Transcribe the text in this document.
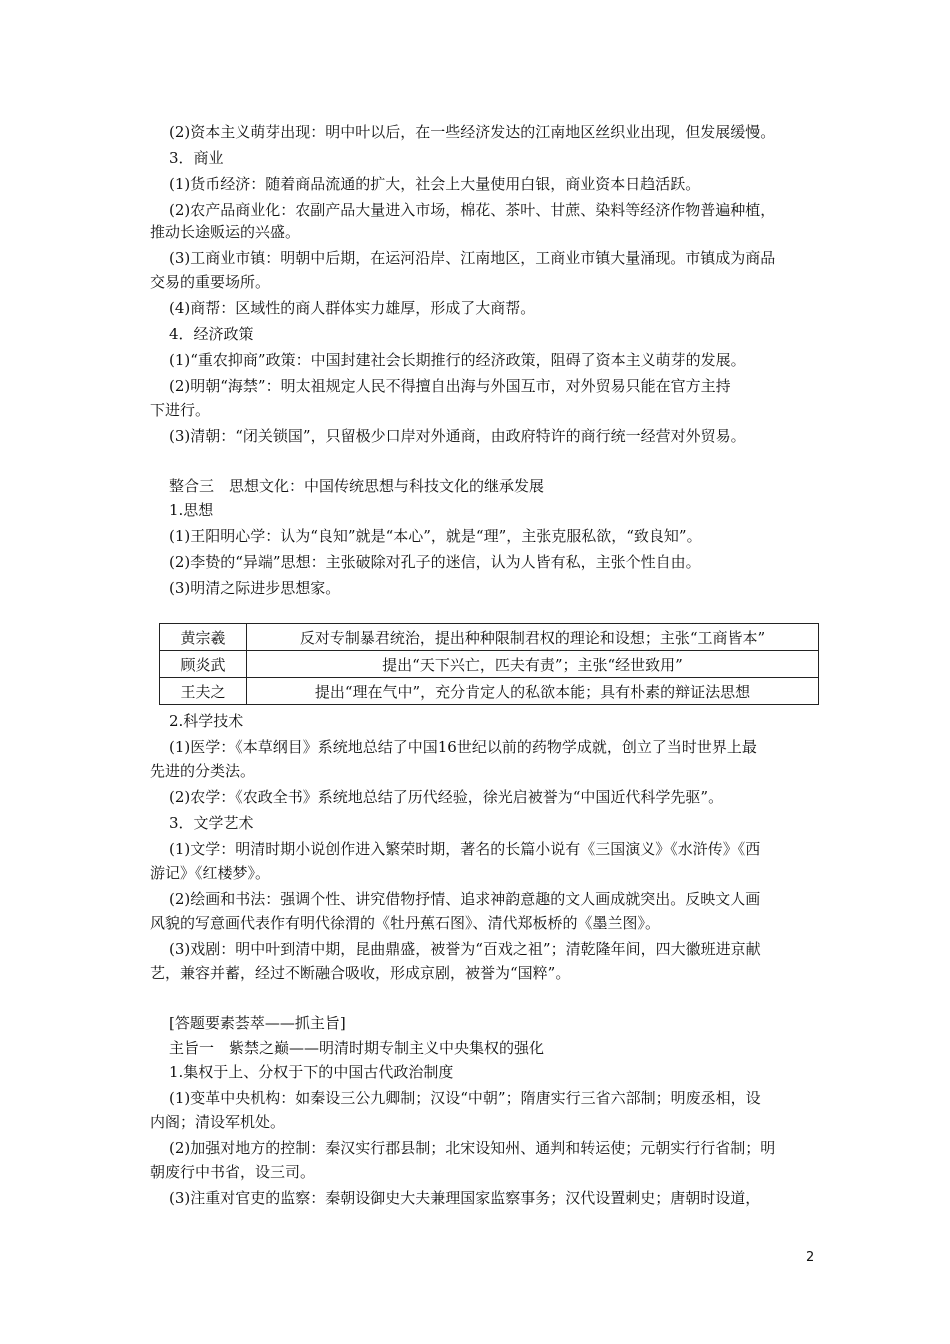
(2)资本主义萌芽出现：明中叶以后，在一些经济发达的江南地区丝织业出现，但发展缓慢。
3．商业
(1)货币经济：随着商品流通的扩大，社会上大量使用白银，商业资本日趋活跃。
(2)农产品商业化：农副产品大量进入市场，棉花、茶叶、甘蔗、染料等经济作物普遍种植，
推动长途贩运的兴盛。
(3)工商业市镇：明朝中后期，在运河沿岸、江南地区，工商业市镇大量涌现。市镇成为商品
交易的重要场所。
(4)商帮：区域性的商人群体实力雄厚，形成了大商帮。
4．经济政策
(1)“重农抑商”政策：中国封建社会长期推行的经济政策，阻碍了资本主义萌芽的发展。
(2)明朝“海禁”：明太祖规定人民不得擅自出海与外国互市，对外贸易只能在官方主持
下进行。
(3)清朝：“闭关锁国”，只留极少口岸对外通商，由政府特许的商行统一经营对外贸易。
整合三　思想文化：中国传统思想与科技文化的继承发展
1.思想
(1)王阳明心学：认为“良知”就是“本心”，就是“理”，主张克服私欲，“致良知”。
(2)李贽的“异端”思想：主张破除对孔子的迷信，认为人皆有私，主张个性自由。
(3)明清之际进步思想家。
2.科学技术
(1)医学：《本草纲目》系统地总结了中国16世纪以前的药物学成就，创立了当时世界上最
先进的分类法。
(2)农学：《农政全书》系统地总结了历代经验，徐光启被誉为“中国近代科学先驱”。
3．文学艺术
(1)文学：明清时期小说创作进入繁荣时期，著名的长篇小说有《三国演义》《水浒传》《西
游记》《红楼梦》。
(2)绘画和书法：强调个性、讲究借物抒情、追求神韵意趣的文人画成就突出。反映文人画
风貌的写意画代表作有明代徐渭的《牡丹蕉石图》、清代郑板桥的《墨兰图》。
(3)戏剧：明中叶到清中期，昆曲鼎盛，被誉为“百戏之祖”；清乾隆年间，四大徽班进京献
艺，兼容并蓄，经过不断融合吸收，形成京剧，被誉为“国粹”。
[答题要素荟萃——抓主旨]
主旨一　紫禁之巅——明清时期专制主义中央集权的强化
1.集权于上、分权于下的中国古代政治制度
(1)变革中央机构：如秦设三公九卿制；汉设“中朝”；隋唐实行三省六部制；明废丞相，设
内阁；清设军机处。
(2)加强对地方的控制：秦汉实行郡县制；北宋设知州、通判和转运使；元朝实行行省制；明
朝废行中书省，设三司。
(3)注重对官吏的监察：秦朝设御史大夫兼理国家监察事务；汉代设置刺史；唐朝时设道，
黄宗羲	反对专制暴君统治，提出种种限制君权的理论和设想；主张“工商皆本”
顾炎武	提出“天下兴亡，匹夫有责”；主张“经世致用”
王夫之	提出“理在气中”，充分肯定人的私欲本能；具有朴素的辩证法思想
2
